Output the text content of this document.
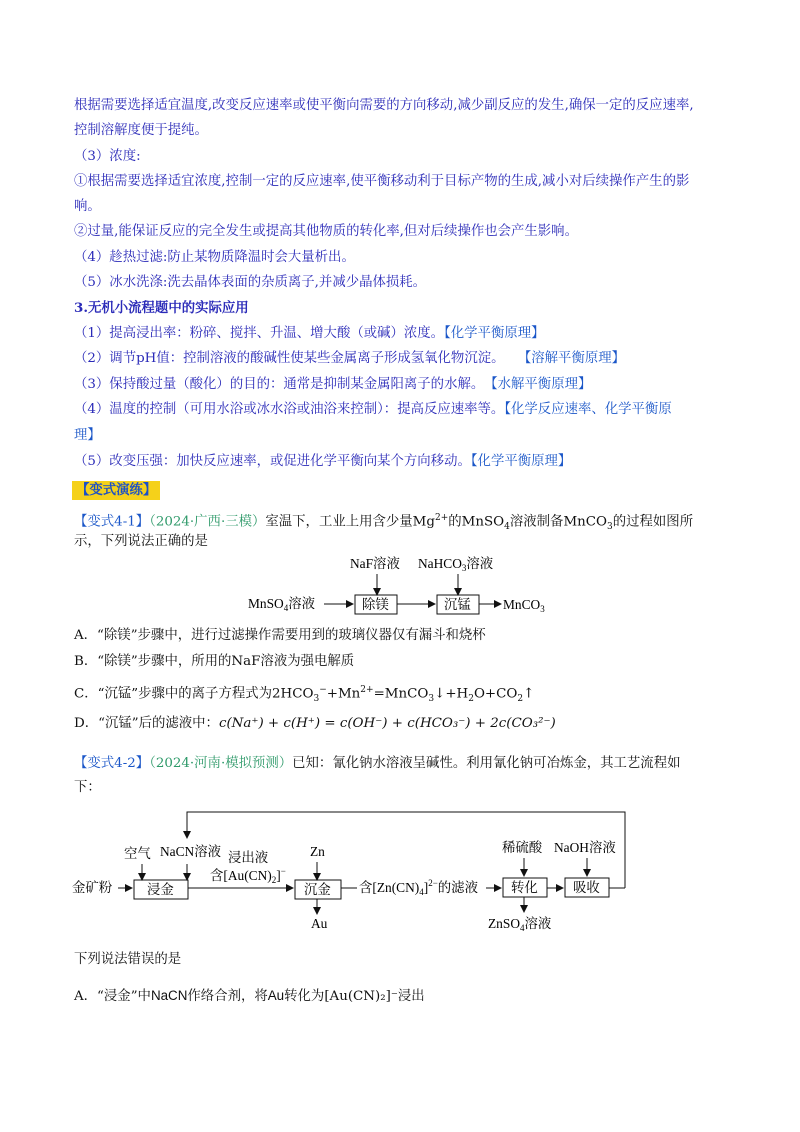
根据需要选择适宜温度,改变反应速率或使平衡向需要的方向移动,减少副反应的发生,确保一定的反应速率,
控制溶解度便于提纯。
（3）浓度:
①根据需要选择适宜浓度,控制一定的反应速率,使平衡移动利于目标产物的生成,减小对后续操作产生的影
响。
②过量,能保证反应的完全发生或提高其他物质的转化率,但对后续操作也会产生影响。
（4）趁热过滤:防止某物质降温时会大量析出。
（5）冰水洗涤:洗去晶体表面的杂质离子,并减少晶体损耗。
3.无机小流程题中的实际应用
（1）提高浸出率：粉碎、搅拌、升温、增大酸（或碱）浓度。【化学平衡原理】
（2）调节pH值：控制溶液的酸碱性使某些金属离子形成氢氧化物沉淀。　　【溶解平衡原理】
（3）保持酸过量（酸化）的目的：通常是抑制某金属阳离子的水解。　【水解平衡原理】
（4）温度的控制（可用水浴或冰水浴或油浴来控制）：提高反应速率等。【化学反应速率、化学平衡原
理】
（5）改变压强：加快反应速率，或促进化学平衡向某个方向移动。【化学平衡原理】
【变式演练】
【变式4-1】（2024·广西·三模）室温下，工业上用含少量$Mg^{2+}$的MnSO$_4$溶液制备MnCO$_3$的过程如图所
示，下列说法正确的是
NaF溶液 NaHCO$_3$溶液
MnSO$_4$溶液	除镁	沉锰 MnCO$_3$
A．“除镁”步骤中，进行过滤操作需要用到的玻璃仪器仅有漏斗和烧杯
B．“除镁”步骤中，所用的NaF溶液为强电解质
C．“沉锰”步骤中的离子方程式为$2HCO_3^-+Mn^{2+}=MnCO_3↓+H_2O+CO_2↑$
D．“沉锰”后的滤液中：c(Na⁺) + c(H⁺) = c(OH⁻) + c(HCO₃⁻) + 2c(CO₃²⁻)
【变式4-2】（2024·河南·模拟预测）已知：氰化钠水溶液呈碱性。利用氰化钠可冶炼金，其工艺流程如
下：
空气 NaCN溶液 浸出液
含$[Au(CN)_2]^-$
Zn
金矿粉	浸金	沉金
Au
含$[Zn(CN)_4]^{2-}$的滤液
稀硫酸
转化
ZnSO$_4$溶液
NaOH溶液
吸收
下列说法错误的是
A．“浸金”中NaCN作络合剂，将Au转化为[Au(CN)₂]⁻浸出
